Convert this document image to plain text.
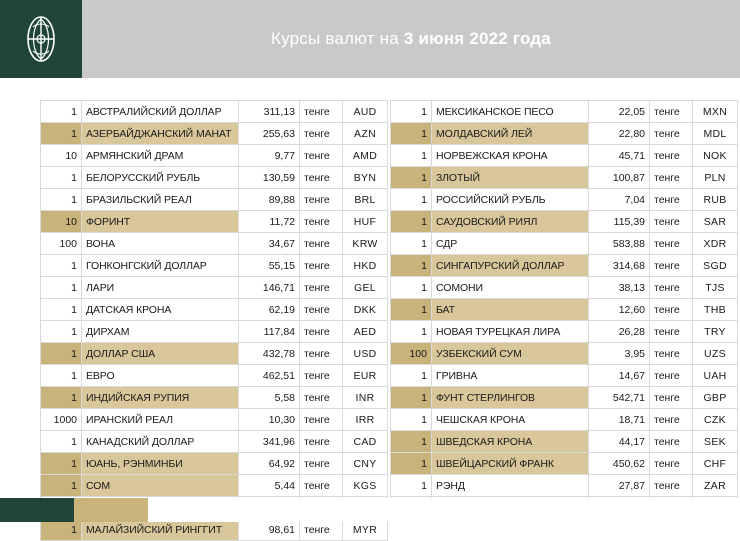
Курсы валют на 3 июня 2022 года
1	АВСТРАЛИЙСКИЙ ДОЛЛАР	311,13	тенге	AUD
1	АЗЕРБАЙДЖАНСКИЙ МАНАТ	255,63	тенге	AZN
10	АРМЯНСКИЙ ДРАМ	9,77	тенге	AMD
1	БЕЛОРУССКИЙ РУБЛЬ	130,59	тенге	BYN
1	БРАЗИЛЬСКИЙ РЕАЛ	89,88	тенге	BRL
10	ФОРИНТ	11,72	тенге	HUF
100	ВОНА	34,67	тенге	KRW
1	ГОНКОНГСКИЙ ДОЛЛАР	55,15	тенге	HKD
1	ЛАРИ	146,71	тенге	GEL
1	ДАТСКАЯ КРОНА	62,19	тенге	DKK
1	ДИРХАМ	117,84	тенге	AED
1	ДОЛЛАР США	432,78	тенге	USD
1	ЕВРО	462,51	тенге	EUR
1	ИНДИЙСКАЯ РУПИЯ	5,58	тенге	INR
1000	ИРАНСКИЙ РЕАЛ	10,30	тенге	IRR
1	КАНАДСКИЙ ДОЛЛАР	341,96	тенге	CAD
1	ЮАНЬ, РЭНМИНБИ	64,92	тенге	CNY
1	СОМ	5,44	тенге	KGS

1	МАЛАЙЗИЙСКИЙ РИНГГИТ	98,61	тенге	MYR
1	МЕКСИКАНСКОЕ ПЕСО	22,05	тенге	MXN
1	МОЛДАВСКИЙ ЛЕЙ	22,80	тенге	MDL
1	НОРВЕЖСКАЯ КРОНА	45,71	тенге	NOK
1	ЗЛОТЫЙ	100,87	тенге	PLN
1	РОССИЙСКИЙ РУБЛЬ	7,04	тенге	RUB
1	САУДОВСКИЙ РИЯЛ	115,39	тенге	SAR
1	СДР	583,88	тенге	XDR
1	СИНГАПУРСКИЙ ДОЛЛАР	314,68	тенге	SGD
1	СОМОНИ	38,13	тенге	TJS
1	БАТ	12,60	тенге	THB
1	НОВАЯ ТУРЕЦКАЯ ЛИРА	26,28	тенге	TRY
100	УЗБЕКСКИЙ СУМ	3,95	тенге	UZS
1	ГРИВНА	14,67	тенге	UAH
1	ФУНТ СТЕРЛИНГОВ	542,71	тенге	GBP
1	ЧЕШСКАЯ КРОНА	18,71	тенге	CZK
1	ШВЕДСКАЯ КРОНА	44,17	тенге	SEK
1	ШВЕЙЦАРСКИЙ ФРАНК	450,62	тенге	CHF
1	РЭНД	27,87	тенге	ZAR
